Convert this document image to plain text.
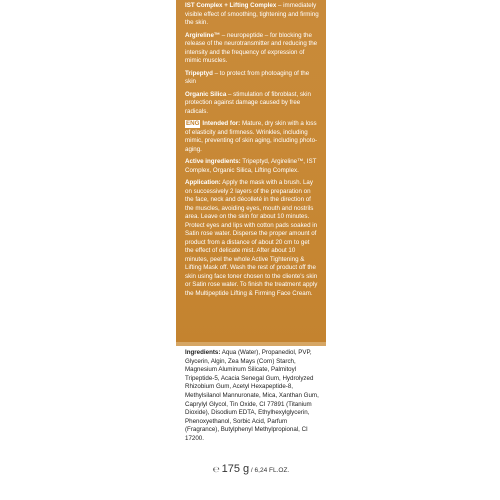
IST Complex + Lifting Complex – immediately visible effect of smoothing, tightening and firming the skin.

Argireline™ – neuropeptide – for blocking the release of the neurotransmitter and reducing the intensity and the frequency of expression of mimic muscles.

Tripeptyd – to protect from photoaging of the skin

Organic Silica – stimulation of fibroblast, skin protection against damage caused by free radicals.

ENG Intended for: Mature, dry skin with a loss of elasticity and firmness. Wrinkles, including mimic, preventing of skin aging, including photo-aging.

Active ingredients: Tripeptyd, Argireline™, IST Complex, Organic Silica, Lifting Complex.

Application: Apply the mask with a brush. Lay on successively 2 layers of the preparation on the face, neck and décolleté in the direction of the muscles, avoiding eyes, mouth and nostrils area. Leave on the skin for about 10 minutes. Protect eyes and lips with cotton pads soaked in Satin rose water. Disperse the proper amount of product from a distance of about 20 cm to get the effect of delicate mist. After about 10 minutes, peel the whole Active Tightening & Lifting Mask off. Wash the rest of product off the skin using face toner chosen to the cliente's skin or Satin rose water. To finish the treatment apply the Multipeptide Lifting & Firming Face Cream.

Ingredients: Aqua (Water), Propanediol, PVP, Glycerin, Algin, Zea Mays (Corn) Starch, Magnesium Aluminum Silicate, Palmitoyl Tripeptide-5, Acacia Senegal Gum, Hydrolyzed Rhizobium Gum, Acetyl Hexapeptide-8, Methylsilanol Mannuronate, Mica, Xanthan Gum, Caprylyl Glycol, Tin Oxide, CI 77891 (Titanium Dioxide), Disodium EDTA, Ethylhexylglycerin, Phenoxyethanol, Sorbic Acid, Parfum (Fragrance), Butylphenyl Methylpropional, CI 17200.
℮ 175 g / 6,24 FL.OZ.
